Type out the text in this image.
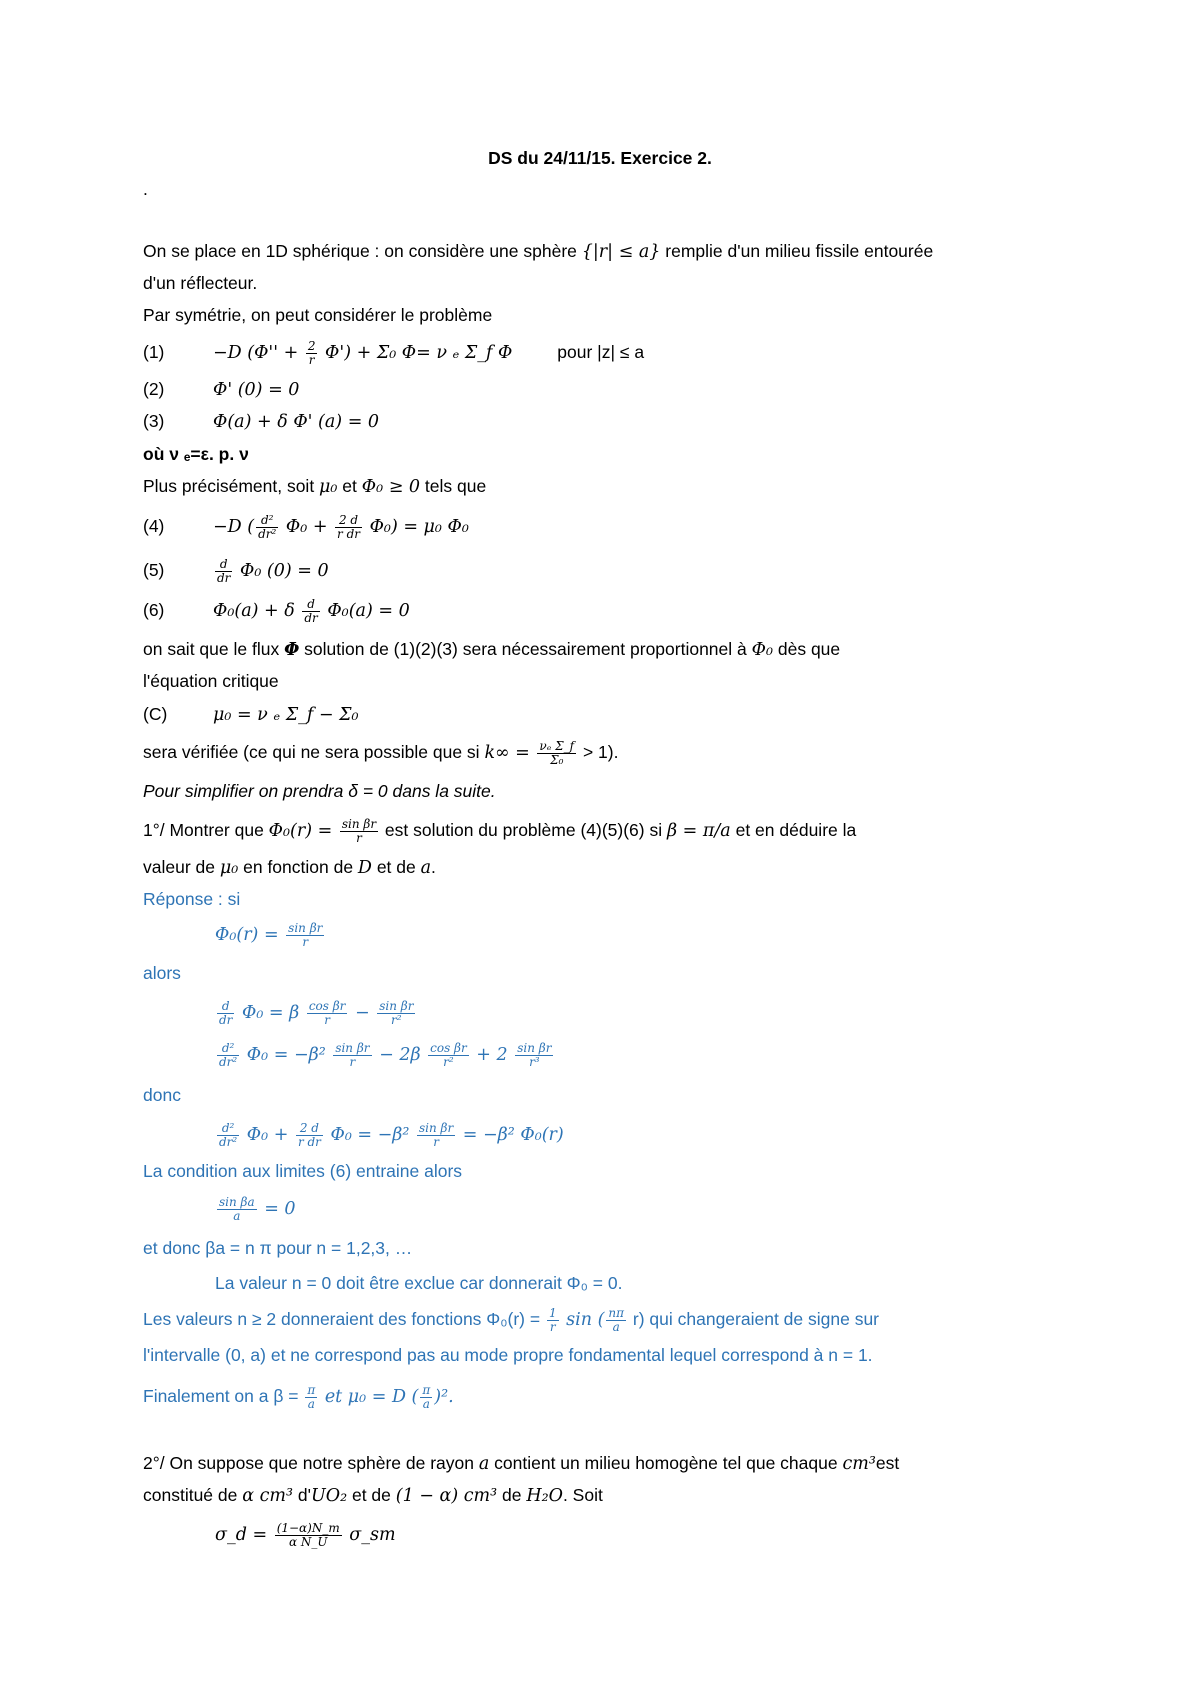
DS du 24/11/15. Exercice 2.
.
On se place en 1D sphérique : on considère une sphère {|r| ≤ a} remplie d'un milieu fissile entourée
d'un réflecteur.
Par symétrie, on peut considérer le problème
(1)	−D $(\Phi'' + \frac{2}{r} \Phi') + \Sigma_0$ Φ= ν ₑ Σ_f Φ	pour |z| ≤ a
(2)	Φ' (0) = 0
(3)	Φ(a) + δ Φ' (a) = 0
où ν ₑ=ε. p. ν
Plus précisément, soit μ₀ et Φ₀ ≥ 0 tels que
(4)	−D ( $\frac{\text{d²}}{\text{dr²}} \Phi_0 + \frac{2 d}{\text{r dr}} \Phi_0) = \mu_0$ Φ₀
(5)	$\frac{d}{dr} \Phi_0$ (0) = 0
(6)	Φ₀(a) + δ $\frac{d}{dr} \Phi_0(a) = 0$
on sait que le flux Φ solution de (1)(2)(3) sera nécessairement proportionnel à Φ₀ dès que
l'équation critique
(C)	μ₀ = ν ₑ Σ_f − Σ₀
sera vérifiée (ce qui ne sera possible que si $k\infty = \frac{\text{νₑ Σ\_f}}{\text{Σ₀}} > 1$).
Pour simplifier on prendra δ = 0 dans la suite.
1°/ Montrer que $\Phi_0(r) = \frac{\text{sin βr}}{r}$ est solution du problème (4)(5)(6) si β = π/a et en déduire la
valeur de μ₀ en fonction de D et de a.
Réponse : si
$\Phi_0(r) = \frac{\text{sin βr}}{r}$
alors
$\frac{d}{dr} \Phi_0 = \beta \frac{\text{cos βr}}{r} - \frac{\text{sin βr}}{\text{r²}}$
$\frac{\text{d²}}{\text{dr²}} \Phi_0 = -\beta^2 \frac{\text{sin βr}}{r} - 2\beta \frac{\text{cos βr}}{\text{r²}} + 2 \frac{\text{sin βr}}{\text{r³}}$
donc
$\frac{\text{d²}}{\text{dr²}} \Phi_0 + \frac{2 d}{\text{r dr}} \Phi_0 = -\beta^2 \frac{\text{sin βr}}{r} = -\beta^2$ Φ₀(r)
La condition aux limites (6) entraine alors
$\frac{\text{sin βa}}{a} = 0$
et donc βa = n π pour n = 1,2,3, …
La valeur n = 0 doit être exclue car donnerait Φ₀ = 0.
Les valeurs n ≥ 2 donneraient des fonctions $\Phi_0(r) = \frac{1}{r}$ sin ( $\frac{n\pi}{a} r$) qui changeraient de signe sur
l'intervalle (0, a) et ne correspond pas au mode propre fondamental lequel correspond à n = 1.
Finalement on a $\beta = \frac{\pi}{a}$ et μ₀ = D ( $\frac{\pi}{a} )^2$.
2°/ On suppose que notre sphère de rayon a contient un milieu homogène tel que chaque cm³est
constitué de α cm³ d'UO₂ et de (1 − α) cm³ de H₂O. Soit
σ_d = $\frac{(1-\alpha)N\_m}{\text{α N\_U}}$ σ_sm
